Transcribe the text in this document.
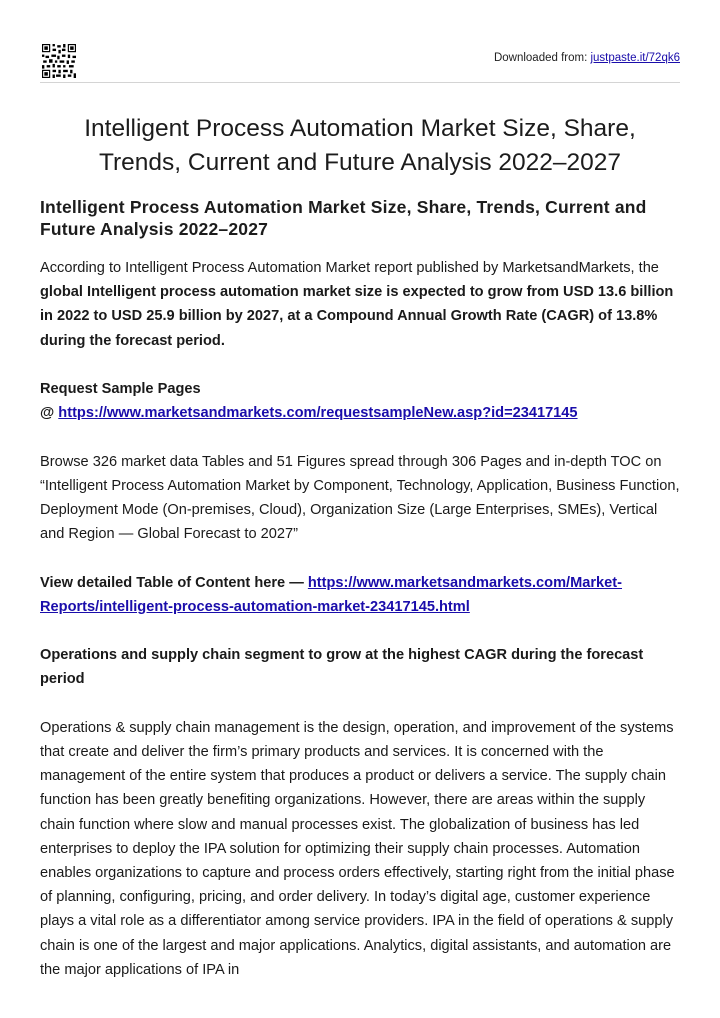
Downloaded from: justpaste.it/72qk6
Intelligent Process Automation Market Size, Share, Trends, Current and Future Analysis 2022–2027
Intelligent Process Automation Market Size, Share, Trends, Current and Future Analysis 2022–2027

According to Intelligent Process Automation Market report published by MarketsandMarkets, the global Intelligent process automation market size is expected to grow from USD 13.6 billion in 2022 to USD 25.9 billion by 2027, at a Compound Annual Growth Rate (CAGR) of 13.8% during the forecast period.

Request Sample Pages

@ https://www.marketsandmarkets.com/requestsampleNew.asp?id=23417145

Browse 326 market data Tables and 51 Figures spread through 306 Pages and in-depth TOC on “Intelligent Process Automation Market by Component, Technology, Application, Business Function, Deployment Mode (On-premises, Cloud), Organization Size (Large Enterprises, SMEs), Vertical and Region — Global Forecast to 2027”

View detailed Table of Content here — https://www.marketsandmarkets.com/Market-Reports/intelligent-process-automation-market-23417145.html

Operations and supply chain segment to grow at the highest CAGR during the forecast period

Operations & supply chain management is the design, operation, and improvement of the systems that create and deliver the firm’s primary products and services. It is concerned with the management of the entire system that produces a product or delivers a service. The supply chain function has been greatly benefiting organizations. However, there are areas within the supply chain function where slow and manual processes exist. The globalization of business has led enterprises to deploy the IPA solution for optimizing their supply chain processes. Automation enables organizations to capture and process orders effectively, starting right from the initial phase of planning, configuring, pricing, and order delivery. In today’s digital age, customer experience plays a vital role as a differentiator among service providers. IPA in the field of operations & supply chain is one of the largest and major applications. Analytics, digital assistants, and automation are the major applications of IPA in
